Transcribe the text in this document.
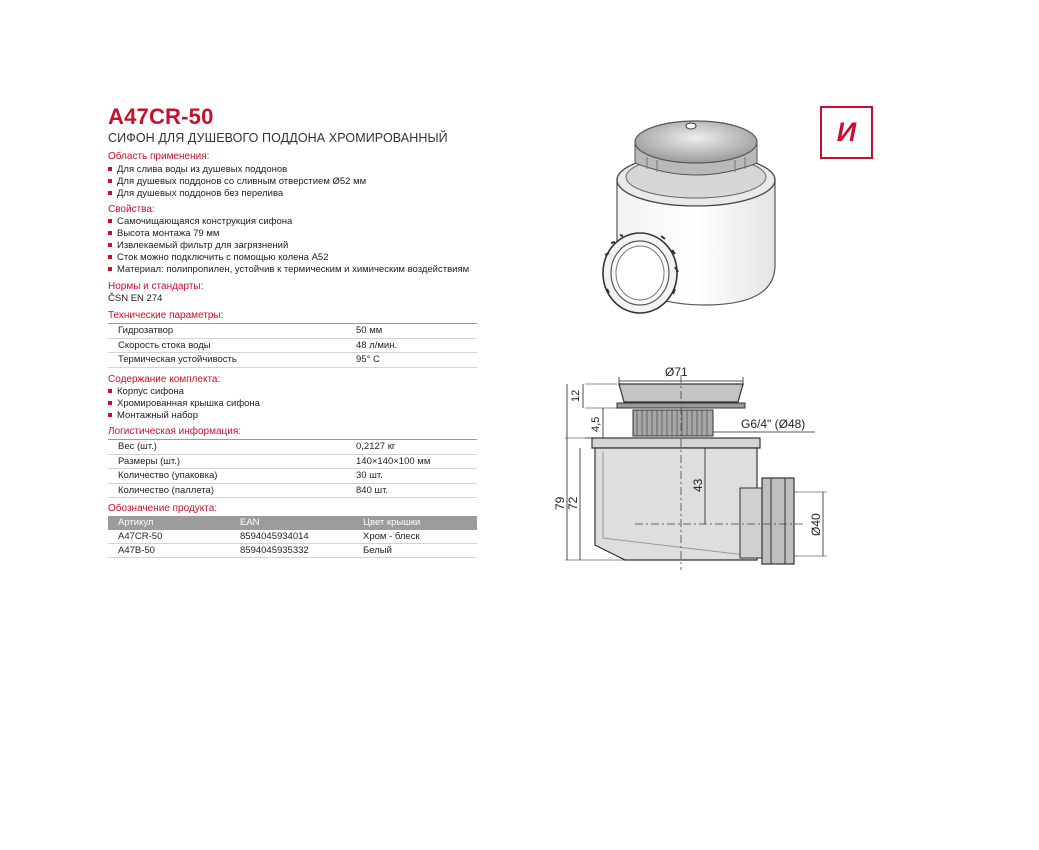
A47CR-50
СИФОН ДЛЯ ДУШЕВОГО ПОДДОНА ХРОМИРОВАННЫЙ
Область применения:
Для слива воды из душевых поддонов
Для душевых поддонов со сливным отверстием Ø52 мм
Для душевых поддонов без перелива
Свойства:
Самочищающаяся конструкция сифона
Высота монтажа 79 мм
Извлекаемый фильтр для загрязнений
Сток можно подключить с помощью колена А52
Материал: полипропилен, устойчив к термическим и химическим воздействиям
Нормы и стандарты:
ČSN EN 274
Технические параметры:
Гидрозатвор	50 мм
Скорость стока воды	48 л/мин.
Термическая устойчивость	95° C
Содержание комплекта:
Корпус сифона
Хромированная крышка сифона
Монтажный набор
Логистическая информация:
Вес (шт.)	0,2127 кг
Размеры (шт.)	140×140×100 мм
Количество (упаковка)	30 шт.
Количество (паллета)	840 шт.
Обозначение продукта:
Артикул	EAN	Цвет крышки
A47CR-50	8594045934014	Хром - блеск
A47B-50	8594045935332	Белый
И
Ø71
12
4,5	G6/4" (Ø48)
43
79 72
Ø40
